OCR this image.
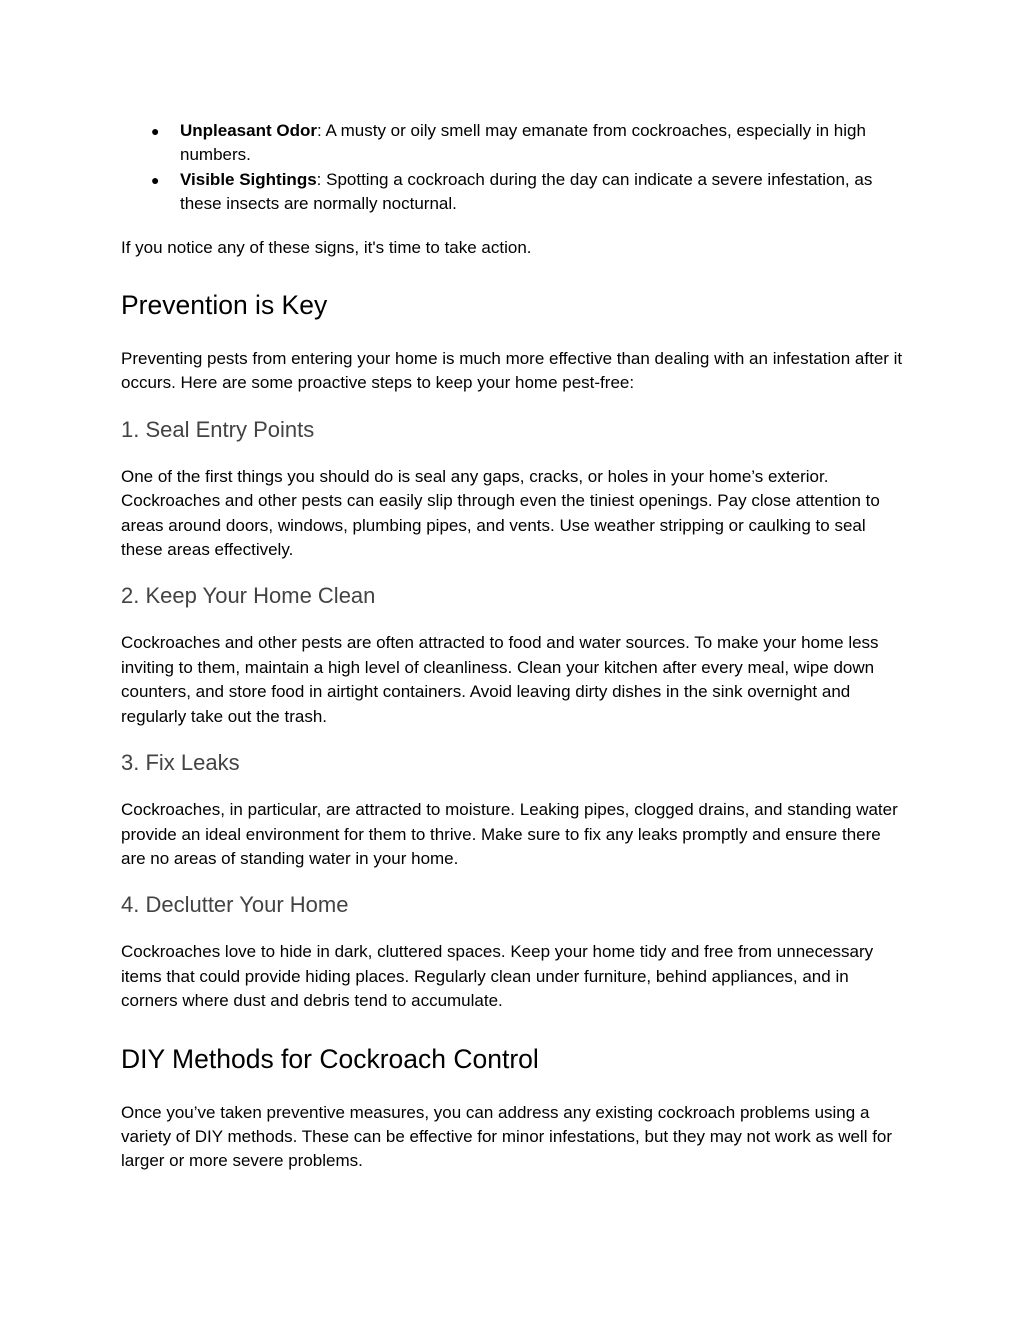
● Unpleasant Odor: A musty or oily smell may emanate from cockroaches, especially in high numbers.
● Visible Sightings: Spotting a cockroach during the day can indicate a severe infestation, as these insects are normally nocturnal.

If you notice any of these signs, it's time to take action.

Prevention is Key

Preventing pests from entering your home is much more effective than dealing with an infestation after it occurs. Here are some proactive steps to keep your home pest-free:

1. Seal Entry Points

One of the first things you should do is seal any gaps, cracks, or holes in your home’s exterior. Cockroaches and other pests can easily slip through even the tiniest openings. Pay close attention to areas around doors, windows, plumbing pipes, and vents. Use weather stripping or caulking to seal these areas effectively.

2. Keep Your Home Clean

Cockroaches and other pests are often attracted to food and water sources. To make your home less inviting to them, maintain a high level of cleanliness. Clean your kitchen after every meal, wipe down counters, and store food in airtight containers. Avoid leaving dirty dishes in the sink overnight and regularly take out the trash.

3. Fix Leaks

Cockroaches, in particular, are attracted to moisture. Leaking pipes, clogged drains, and standing water provide an ideal environment for them to thrive. Make sure to fix any leaks promptly and ensure there are no areas of standing water in your home.

4. Declutter Your Home

Cockroaches love to hide in dark, cluttered spaces. Keep your home tidy and free from unnecessary items that could provide hiding places. Regularly clean under furniture, behind appliances, and in corners where dust and debris tend to accumulate.

DIY Methods for Cockroach Control

Once you’ve taken preventive measures, you can address any existing cockroach problems using a variety of DIY methods. These can be effective for minor infestations, but they may not work as well for larger or more severe problems.
